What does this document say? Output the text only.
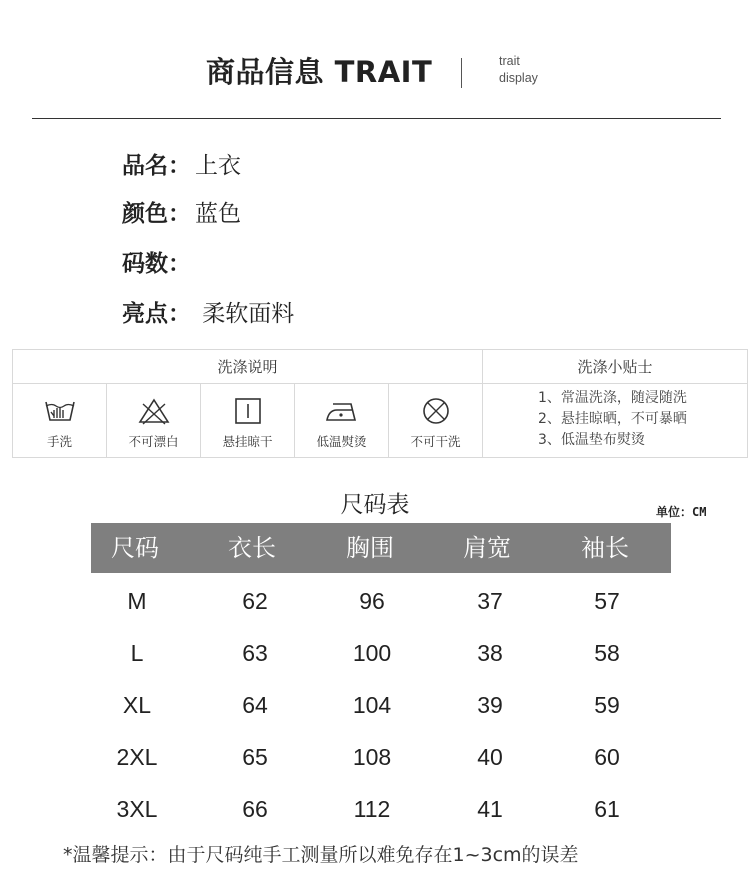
商品信息 TRAIT	trait
display
品名： 上衣
颜色： 蓝色
码数：
亮点： 柔软面料
洗涤说明	洗涤小贴士
手洗	不可漂白	悬挂晾干	低温熨烫	不可干洗
1、常温洗涤，随浸随洗
2、悬挂晾晒，不可暴晒
3、低温垫布熨烫
尺码表	单位：CM
尺码	衣长	胸围	肩宽	袖长
M	62	96	37	57
L	63	100	38	58
XL	64	104	39	59
2XL	65	108	40	60
3XL	66	112	41	61
*温馨提示：由于尺码纯手工测量所以难免存在1~3cm的误差
